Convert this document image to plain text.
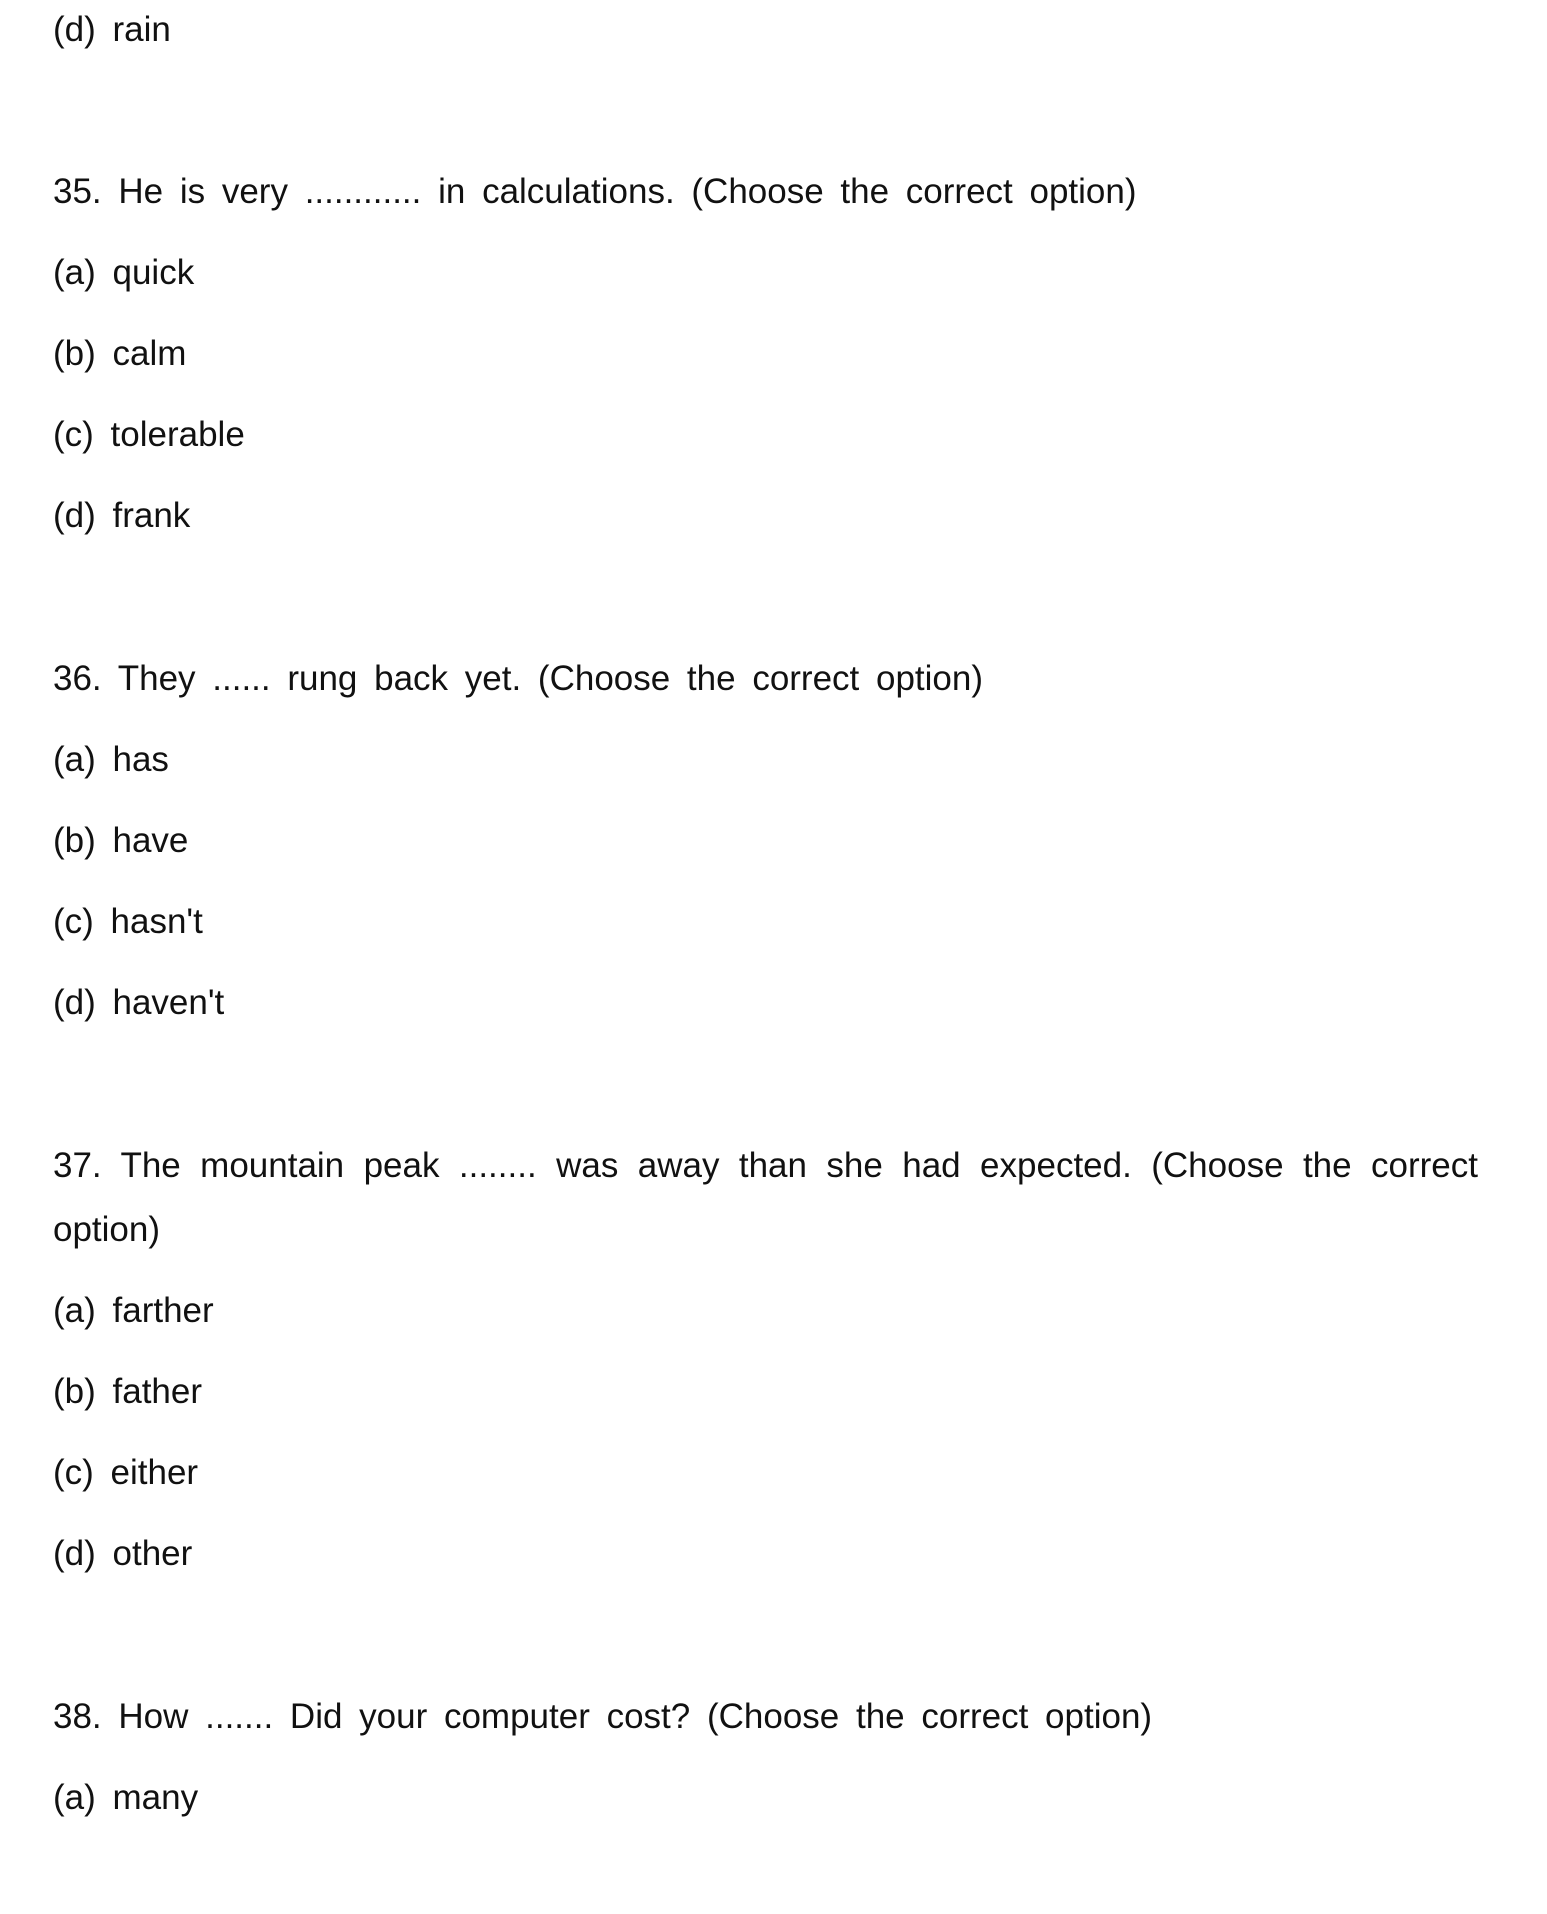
(d) rain
35. He is very ............ in calculations. (Choose the correct option)
(a) quick
(b) calm
(c) tolerable
(d) frank
36. They ...... rung back yet. (Choose the correct option)
(a) has
(b) have
(c) hasn't
(d) haven't
37. The mountain peak ........ was away than she had expected. (Choose the correct option)
(a) farther
(b) father
(c) either
(d) other
38. How ....... Did your computer cost? (Choose the correct option)
(a) many
